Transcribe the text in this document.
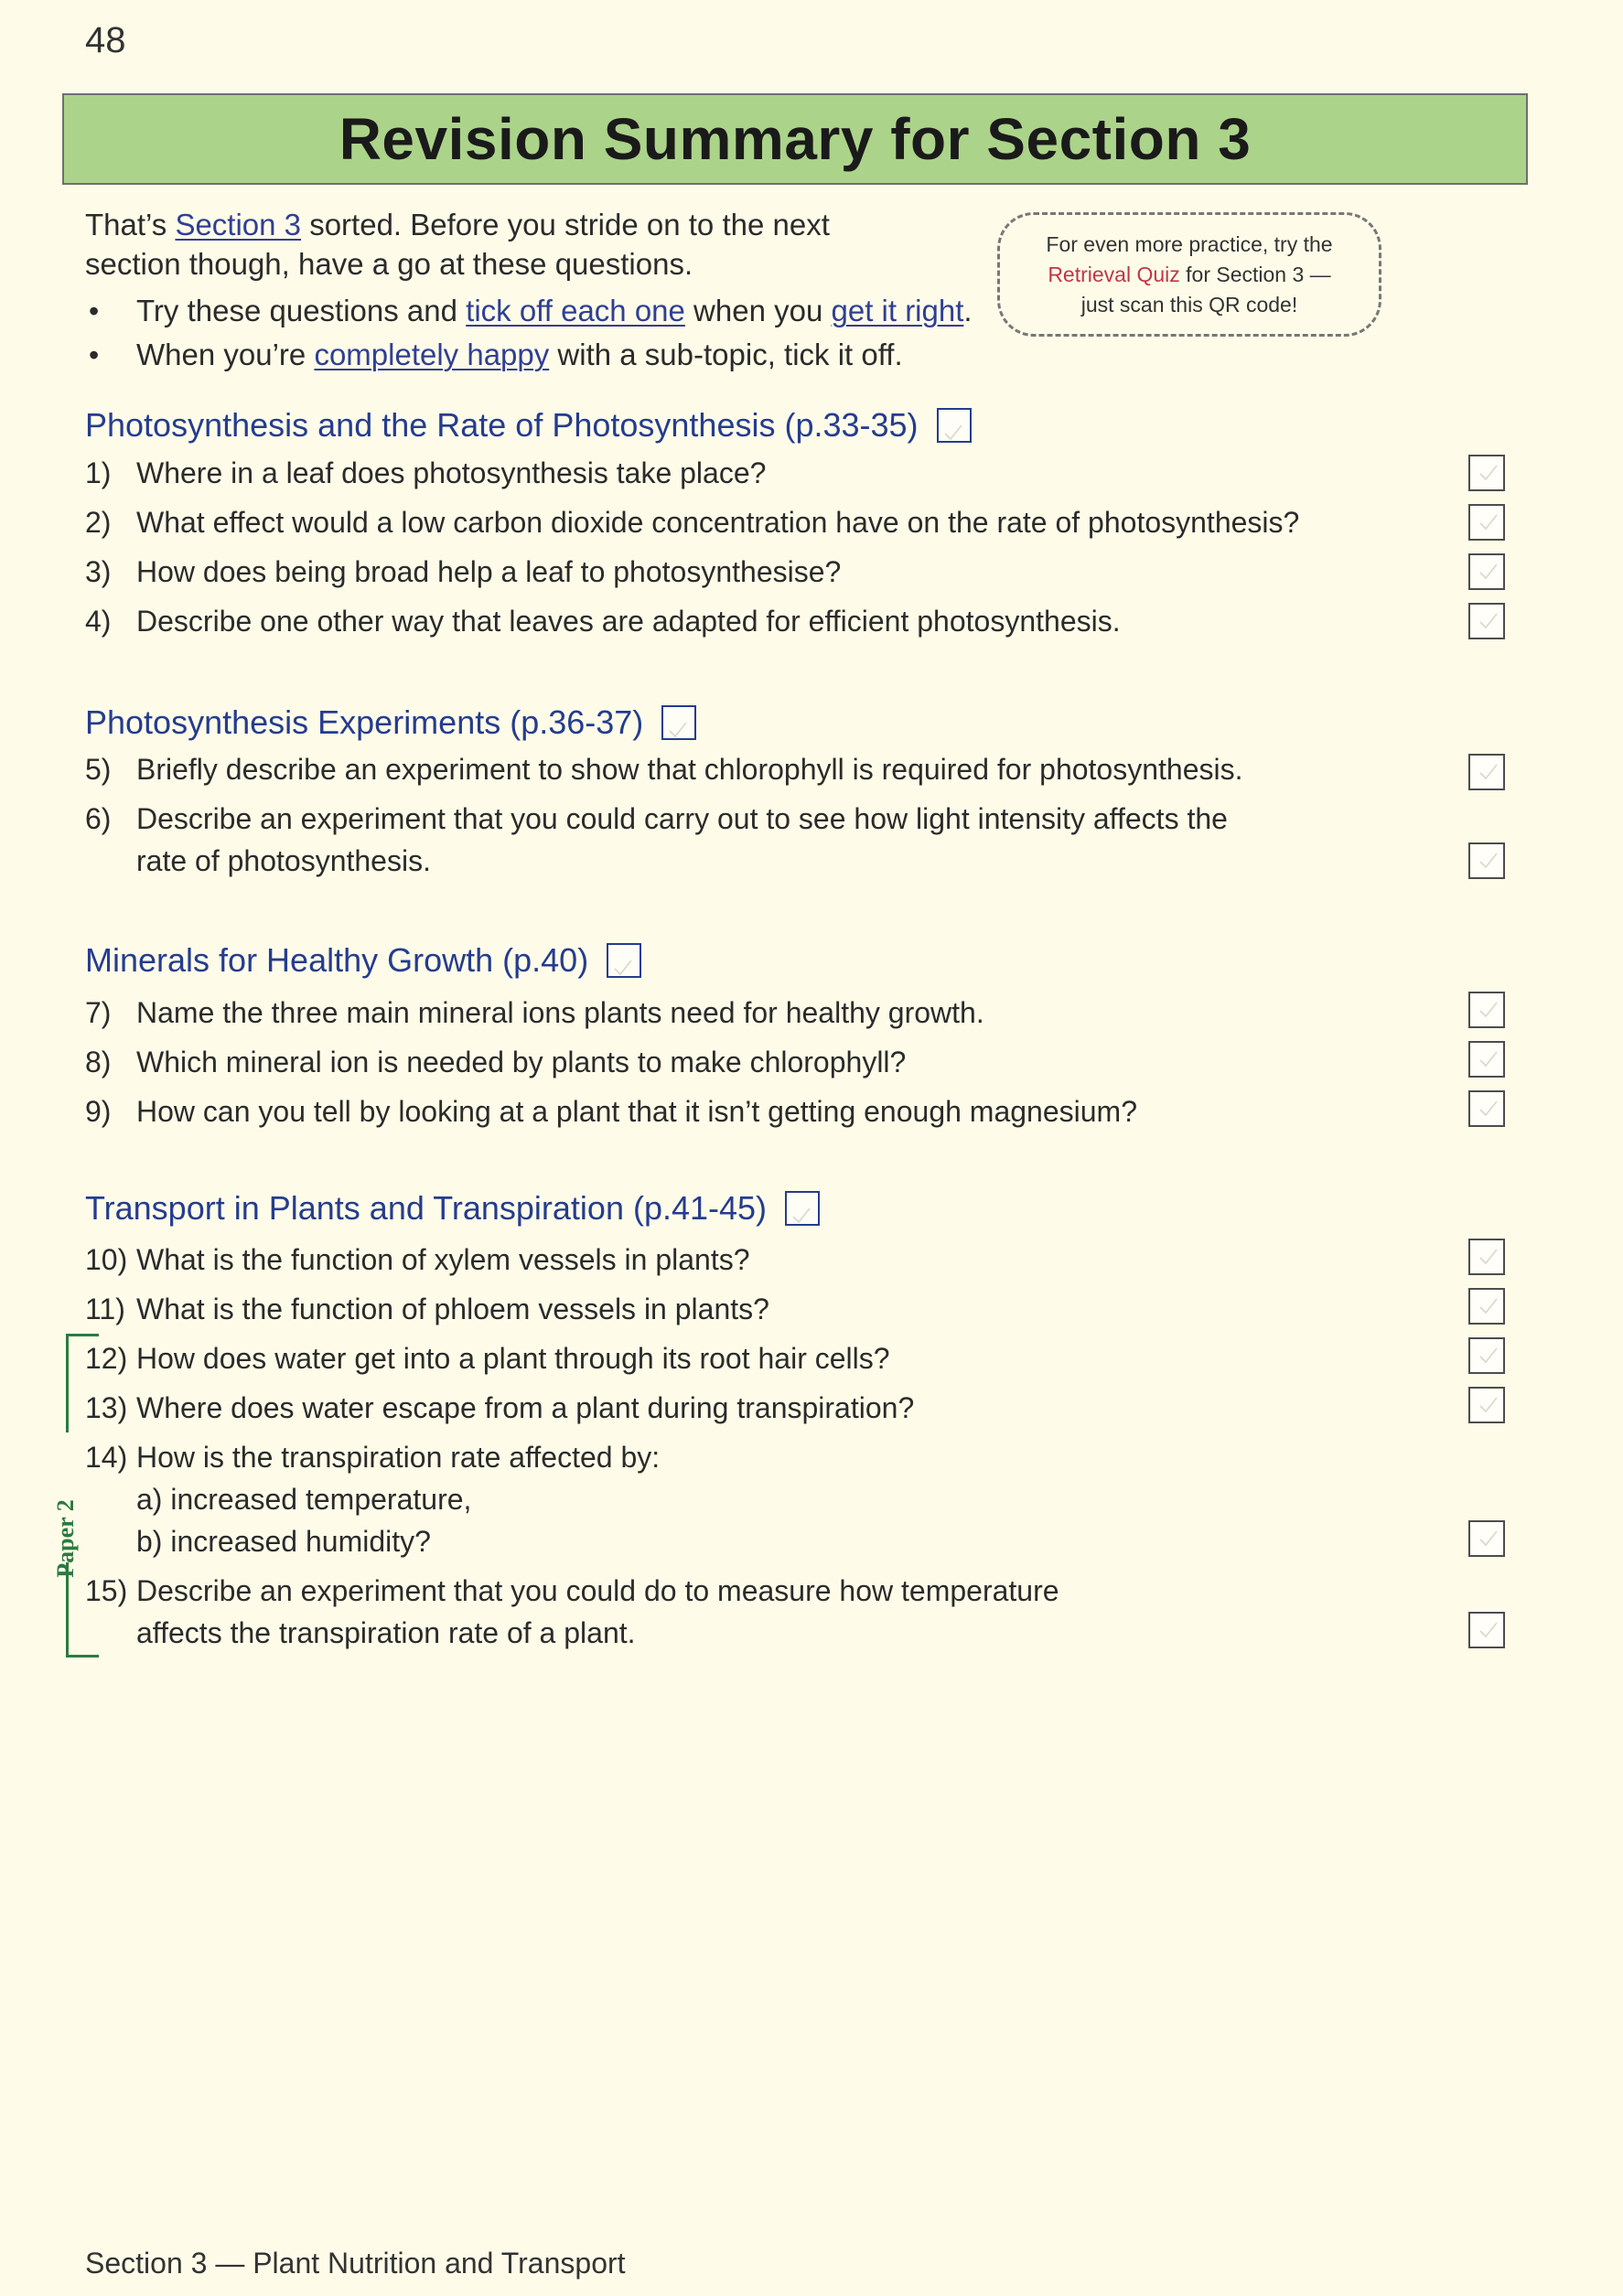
48
Revision Summary for Section 3

That’s Section 3 sorted. Before you stride on to the next

section though, have a go at these questions.

• Try these questions and tick off each one when you get it right.
• When you’re completely happy with a sub-topic, tick it off.
For even more practice, try the
Retrieval Quiz for Section 3 —
just scan this QR code!
Photosynthesis and the Rate of Photosynthesis (p.33-35)
1) Where in a leaf does photosynthesis take place?
2) What effect would a low carbon dioxide concentration have on the rate of photosynthesis?
3) How does being broad help a leaf to photosynthesise?
4) Describe one other way that leaves are adapted for efficient photosynthesis.
Photosynthesis Experiments (p.36-37)
5) Briefly describe an experiment to show that chlorophyll is required for photosynthesis.
6) Describe an experiment that you could carry out to see how light intensity affects the
rate of photosynthesis.
Minerals for Healthy Growth (p.40)
7) Name the three main mineral ions plants need for healthy growth.
8) Which mineral ion is needed by plants to make chlorophyll?
9) How can you tell by looking at a plant that it isn’t getting enough magnesium?
Transport in Plants and Transpiration (p.41-45)
10) What is the function of xylem vessels in plants?
11) What is the function of phloem vessels in plants?
12) How does water get into a plant through its root hair cells?
13) Where does water escape from a plant during transpiration?
14) How is the transpiration rate affected by:
a) increased temperature,
b) increased humidity?
15) Describe an experiment that you could do to measure how temperature
affects the transpiration rate of a plant.
Paper 2
Section 3 — Plant Nutrition and Transport
